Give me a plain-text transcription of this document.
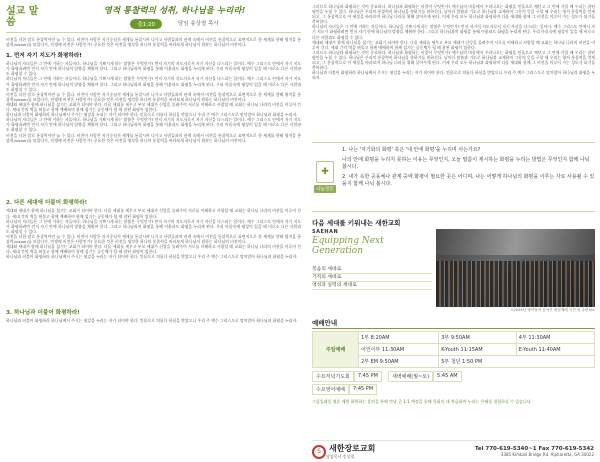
설교 말씀
영적 통찰력의 성취, 하나님을 누리라!
출1:20	담임 송상철 목사

비전을 더한 말로 통찰력이란 늘 수 있다. 비전이 사람은 자기중심적 세계를 통찰시켜 나가고 사람들과의 관계 속에서 비전을 통찰력으로 표면적으로 한 세계를 향해 영적을 통찰력(vision)를 보았다가, 인생에 비전은 사람인가? 중요한 것은 비전을 생각한 하나의 통찰력을 바라보게 하나님이 원하는 하나님의 비전이다.

1. 먼저 자기 지도가 화평하라!

하나님의 자녀들은 그 안에 거하는 자들이다. 하나님을 기쁘시게 하는 말씀은 무엇인가? 먼저 자기의 지도자로서 자기 자신을 다스리는 일이다. 예수 그리스도 안에서 자기 지도가 화평하려면 먼저 자기 안에 하나님의 말씀을 채워야 한다. 그리고 하나님과의 화평을 통해 이웃과도 화평을 누리게 된다. 우리 마음속에 평강이 있을 때 비로소 다른 사람과도 화평할 수 있다.

하나님의 자녀들은 그 안에 거하는 자들이다. 하나님을 기쁘시게 하는 말씀은 무엇인가? 먼저 자기의 지도자로서 자기 자신을 다스리는 일이다. 예수 그리스도 안에서 자기 지도가 화평하려면 먼저 자기 안에 하나님의 말씀을 채워야 한다. 그리고 하나님과의 화평을 통해 이웃과도 화평을 누리게 된다. 우리 마음속에 평강이 있을 때 비로소 다른 사람과도 화평할 수 있다.

비전을 더한 말로 통찰력이란 늘 수 있다. 비전이 사람은 자기중심적 세계를 통찰시켜 나가고 사람들과의 관계 속에서 비전을 통찰력으로 표면적으로 한 세계를 향해 영적을 통찰력(vision)를 보았다가, 인생에 비전은 사람인가? 중요한 것은 비전을 생각한 하나의 통찰력을 바라보게 하나님이 원하는 하나님의 비전이다.

세대와 세대가 함께 하나님을 섬기는 교회가 되어야 한다. 다음 세대를 세우고 부모 세대가 신앙을 물려주며 서로를 이해하고 사랑할 때 교회는 하나님 나라의 비전을 이루어 간다. 세대 간의 벽을 허물고 함께 예배하며 함께 섬기는 공동체가 될 때 참된 화평이 임한다.

하나님과 더불어 화평하라 하나님께서 주시는 평강을 누리는 자가 되어야 한다. 믿음으로 의롭다 하심을 받았으니 우리 주 예수 그리스도로 말미암아 하나님과 화평을 누리자.

하나님의 자녀들은 그 안에 거하는 자들이다. 하나님을 기쁘시게 하는 말씀은 무엇인가? 먼저 자기의 지도자로서 자기 자신을 다스리는 일이다. 예수 그리스도 안에서 자기 지도가 화평하려면 먼저 자기 안에 하나님의 말씀을 채워야 한다. 그리고 하나님과의 화평을 통해 이웃과도 화평을 누리게 된다. 우리 마음속에 평강이 있을 때 비로소 다른 사람과도 화평할 수 있다.

비전을 더한 말로 통찰력이란 늘 수 있다. 비전이 사람은 자기중심적 세계를 통찰시켜 나가고 사람들과의 관계 속에서 비전을 통찰력으로 표면적으로 한 세계를 향해 영적을 통찰력(vision)를 보았다가, 인생에 비전은 사람인가? 중요한 것은 비전을 생각한 하나의 통찰력을 바라보게 하나님이 원하는 하나님의 비전이다.

2. 다른 세대에 더불어 화평하라!

세대와 세대가 함께 하나님을 섬기는 교회가 되어야 한다. 다음 세대를 세우고 부모 세대가 신앙을 물려주며 서로를 이해하고 사랑할 때 교회는 하나님 나라의 비전을 이루어 간다. 세대 간의 벽을 허물고 함께 예배하며 함께 섬기는 공동체가 될 때 참된 화평이 임한다.

하나님의 자녀들은 그 안에 거하는 자들이다. 하나님을 기쁘시게 하는 말씀은 무엇인가? 먼저 자기의 지도자로서 자기 자신을 다스리는 일이다. 예수 그리스도 안에서 자기 지도가 화평하려면 먼저 자기 안에 하나님의 말씀을 채워야 한다. 그리고 하나님과의 화평을 통해 이웃과도 화평을 누리게 된다. 우리 마음속에 평강이 있을 때 비로소 다른 사람과도 화평할 수 있다.

비전을 더한 말로 통찰력이란 늘 수 있다. 비전이 사람은 자기중심적 세계를 통찰시켜 나가고 사람들과의 관계 속에서 비전을 통찰력으로 표면적으로 한 세계를 향해 영적을 통찰력(vision)를 보았다가, 인생에 비전은 사람인가? 중요한 것은 비전을 생각한 하나의 통찰력을 바라보게 하나님이 원하는 하나님의 비전이다.

세대와 세대가 함께 하나님을 섬기는 교회가 되어야 한다. 다음 세대를 세우고 부모 세대가 신앙을 물려주며 서로를 이해하고 사랑할 때 교회는 하나님 나라의 비전을 이루어 간다. 세대 간의 벽을 허물고 함께 예배하며 함께 섬기는 공동체가 될 때 참된 화평이 임한다.

하나님과 더불어 화평하라 하나님께서 주시는 평강을 누리는 자가 되어야 한다. 믿음으로 의롭다 하심을 받았으니 우리 주 예수 그리스도로 말미암아 하나님과 화평을 누리자.

3. 하나님과 더불어 화평하라!

하나님과 더불어 화평하라 하나님께서 주시는 평강을 누리는 자가 되어야 한다. 믿음으로 의롭다 하심을 받았으니 우리 주 예수 그리스도로 말미암아 하나님과 화평을 누리자.

그러므로 하나님과 화평하는 것이 중요하다. 하나님과 화평하는 비결이 무엇인가? 예수님의 마음에서 우러나오는 화평을 믿음으로 깨닫고 그 안에 거할 때 우리는 참된 평안을 누릴 수 있다. 하나님은 우리의 통찰력이 하나님을 향하기를 원하신다. 날마다 말씀과 기도로 하나님과 교제하며 그분의 뜻을 구할 때 우리는 영적 통찰력을 얻게 되고, 그 통찰력으로 이 세상을 바라보며 하나님 나라를 위해 살아가게 된다. 이제 우리 모두 하나님과 화평하며 다음 세대와 함께 그 비전을 이루어 가는 성도가 되기를 축복한다.

하나님의 자녀들은 그 안에 거하는 자들이다. 하나님을 기쁘시게 하는 말씀은 무엇인가? 먼저 자기의 지도자로서 자기 자신을 다스리는 일이다. 예수 그리스도 안에서 자기 지도가 화평하려면 먼저 자기 안에 하나님의 말씀을 채워야 한다. 그리고 하나님과의 화평을 통해 이웃과도 화평을 누리게 된다. 우리 마음속에 평강이 있을 때 비로소 다른 사람과도 화평할 수 있다.

세대와 세대가 함께 하나님을 섬기는 교회가 되어야 한다. 다음 세대를 세우고 부모 세대가 신앙을 물려주며 서로를 이해하고 사랑할 때 교회는 하나님 나라의 비전을 이루어 간다. 세대 간의 벽을 허물고 함께 예배하며 함께 섬기는 공동체가 될 때 참된 화평이 임한다.

그러므로 하나님과 화평하는 것이 중요하다. 하나님과 화평하는 비결이 무엇인가? 예수님의 마음에서 우러나오는 화평을 믿음으로 깨닫고 그 안에 거할 때 우리는 참된 평안을 누릴 수 있다. 하나님은 우리의 통찰력이 하나님을 향하기를 원하신다. 날마다 말씀과 기도로 하나님과 교제하며 그분의 뜻을 구할 때 우리는 영적 통찰력을 얻게 되고, 그 통찰력으로 이 세상을 바라보며 하나님 나라를 위해 살아가게 된다. 이제 우리 모두 하나님과 화평하며 다음 세대와 함께 그 비전을 이루어 가는 성도가 되기를 축복한다.

하나님과 더불어 화평하라 하나님께서 주시는 평강을 누리는 자가 되어야 한다. 믿음으로 의롭다 하심을 받았으니 우리 주 예수 그리스도로 말미암아 하나님과 화평을 누리자.

✚
나눔질문

1. 나는 '자기와의 화평' 혹은 '내 안에 화평'을 누리며 사는가요?

나의 안에 화평을 누리지 못하는 이유는 무엇인지, 오늘 말씀이 제시하는 화평을 누리는 방법은 무엇인지 함께 나눠 봅시다.

2. 내가 속한 공동체나 관계 중에 화평이 필요한 곳은 어디며, 나는 어떻게 하나님의 화평을 이루는 자로 사용될 수 있을지 함께 나눠 봅시다.

다음 세대를 키워내는 새한교회
SAEHAN
Equipping Next Generation

복음의 세대로

기적의 세대로

영성과 실력의 세대로

<2024년 영아유아 유아부 졸업예배 사진 및 수련회>
예배안내
주일예배	1부 8:20AM	3부 9:50AM	4부 11:30AM
	어린이부 11:30AM	K-Youth 11:15AM	E-Youth 11:40AM
	2부 EM 9:50AM	5부 청년 1:50 PM	
수요저녁기도회	7:45 PM	새벽예배(월~토)	5:45 AM
수요영어예배	7:45 PM
그림일래일 영혼 예원 화원하는 훈련을 통해 만남 곧 1:1 예정을 통해 목회의 새 복음화며 누리는 은혜를 경험하실 수 있습니다.
S	새한장로교회
담임목사 송상철
Tel 770-619-5340~1 Fax 770-619-5342
3385 Kimball Bridge Rd. Alpharetta, GA 30022
